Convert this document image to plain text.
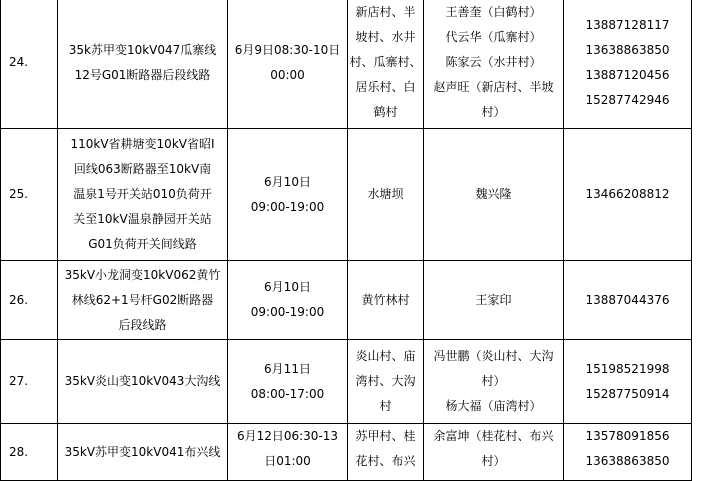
24.	35k苏甲变10kV047瓜寨线
12号G01断路器后段线路	6月9日08:30-10日
00:00	新店村、半
坡村、水井
村、瓜寨村、
居乐村、白
鹤村	王善奎（白鹤村）
代云华（瓜寨村）
陈家云（水井村）
赵声旺（新店村、半坡
村）	13887128117
13638863850
13887120456
15287742946
25.	110kV省耕塘变10kV省昭Ⅰ
回线063断路器至10kV南
温泉1号开关站010负荷开
关至10kV温泉静园开关站
G01负荷开关间线路	6月10日
09:00-19:00	水塘坝	魏兴隆	13466208812
26.	35kV小龙洞变10kV062黄竹
林线62+1号杆G02断路器
后段线路	6月10日
09:00-19:00	黄竹林村	王家印	13887044376
27.	35kV炎山变10kV043大沟线	6月11日
08:00-17:00	炎山村、庙
湾村、大沟
村	冯世鹏（炎山村、大沟
村）
杨大福（庙湾村）	15198521998
15287750914
28.	35kV苏甲变10kV041布兴线	6月12日06:30-13
日01:00	苏甲村、桂
花村、布兴	余富坤（桂花村、布兴
村）	13578091856
13638863850
